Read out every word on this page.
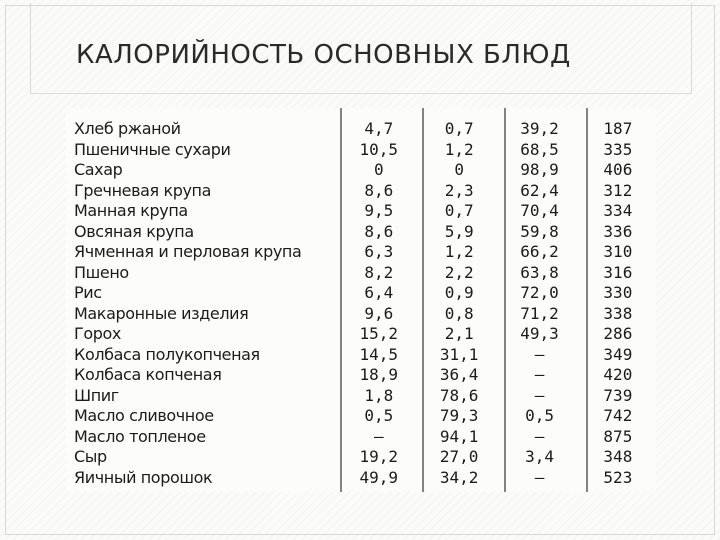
КАЛОРИЙНОСТЬ ОСНОВНЫХ БЛЮД
Хлеб ржаной	4,7	0,7	39,2	187
Пшеничные сухари	10,5	1,2	68,5	335
Сахар	0	0	98,9	406
Гречневая крупа	8,6	2,3	62,4	312
Манная крупа	9,5	0,7	70,4	334
Овсяная крупа	8,6	5,9	59,8	336
Ячменная и перловая крупа	6,3	1,2	66,2	310
Пшено	8,2	2,2	63,8	316
Рис	6,4	0,9	72,0	330
Макаронные изделия	9,6	0,8	71,2	338
Горох	15,2	2,1	49,3	286
Колбаса полукопченая	14,5	31,1	—	349
Колбаса копченая	18,9	36,4	—	420
Шпиг	1,8	78,6	—	739
Масло сливочное	0,5	79,3	0,5	742
Масло топленое	—	94,1	—	875
Сыр	19,2	27,0	3,4	348
Яичный порошок	49,9	34,2	—	523
